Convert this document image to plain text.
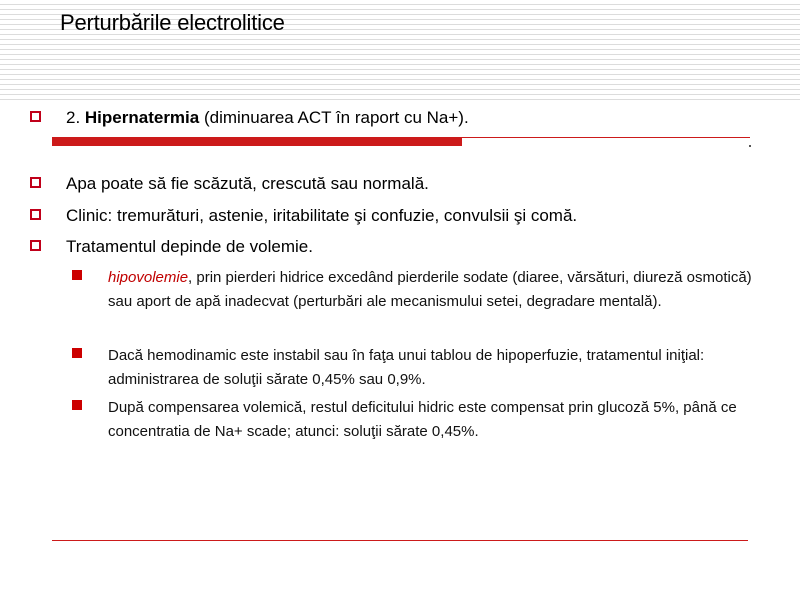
Perturbările electrolitice
2. Hipernatermia (diminuarea ACT în raport cu Na+).
Apa poate să fie scăzută, crescută sau normală.
Clinic: tremurături, astenie, iritabilitate şi confuzie, convulsii şi comă.
Tratamentul depinde de volemie.
hipovolemie, prin pierderi hidrice excedând pierderile sodate (diaree, vărsături, diureză osmotică) sau aport de apă inadecvat (perturbări ale mecanismului setei, degradare mentală).
Dacă hemodinamic este instabil sau în faţa unui tablou de hipoperfuzie, tratamentul iniţial: administrarea de soluţii sărate 0,45% sau 0,9%.
După compensarea volemică, restul deficitului hidric este compensat prin glucoză 5%, până ce concentratia de Na+ scade; atunci: soluţii sărate 0,45%.
